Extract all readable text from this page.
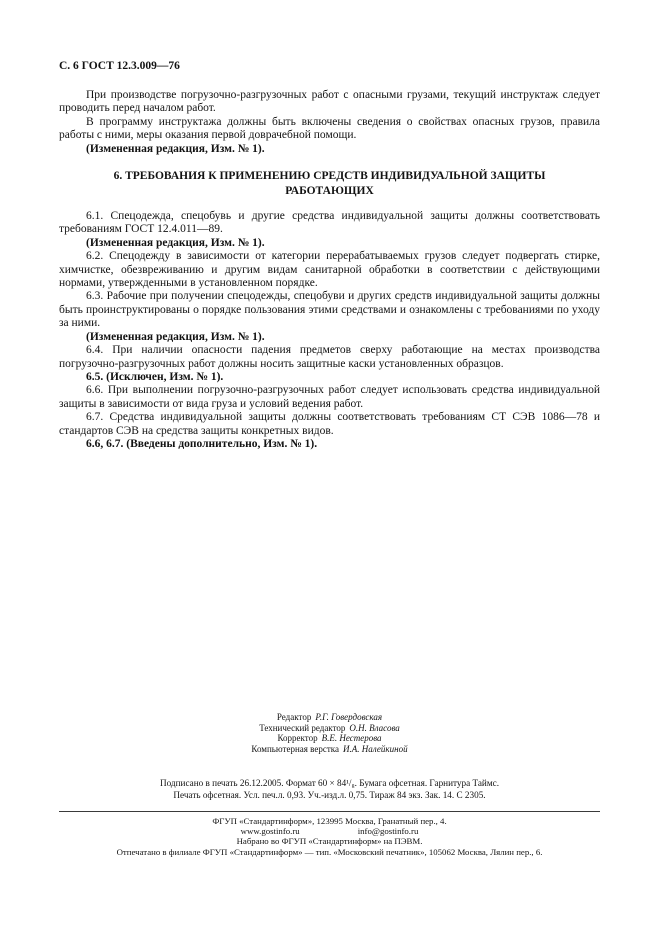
С. 6 ГОСТ 12.3.009—76

При производстве погрузочно-разгрузочных работ с опасными грузами, текущий инструктаж следует проводить перед началом работ.

В программу инструктажа должны быть включены сведения о свойствах опасных грузов, правила работы с ними, меры оказания первой доврачебной помощи.

(Измененная редакция, Изм. № 1).

6. ТРЕБОВАНИЯ К ПРИМЕНЕНИЮ СРЕДСТВ ИНДИВИДУАЛЬНОЙ ЗАЩИТЫ РАБОТАЮЩИХ

6.1. Спецодежда, спецобувь и другие средства индивидуальной защиты должны соответствовать требованиям ГОСТ 12.4.011—89.

(Измененная редакция, Изм. № 1).

6.2. Спецодежду в зависимости от категории перерабатываемых грузов следует подвергать стирке, химчистке, обезвреживанию и другим видам санитарной обработки в соответствии с действующими нормами, утвержденными в установленном порядке.

6.3. Рабочие при получении спецодежды, спецобуви и других средств индивидуальной защиты должны быть проинструктированы о порядке пользования этими средствами и ознакомлены с требованиями по уходу за ними.

(Измененная редакция, Изм. № 1).

6.4. При наличии опасности падения предметов сверху работающие на местах производства погрузочно-разгрузочных работ должны носить защитные каски установленных образцов.

6.5. (Исключен, Изм. № 1).

6.6. При выполнении погрузочно-разгрузочных работ следует использовать средства индивидуальной защиты в зависимости от вида груза и условий ведения работ.

6.7. Средства индивидуальной защиты должны соответствовать требованиям СТ СЭВ 1086—78 и стандартов СЭВ на средства защиты конкретных видов.

6.6, 6.7. (Введены дополнительно, Изм. № 1).

Редактор Р.Г. Говердовская
Технический редактор О.Н. Власова
Корректор В.Е. Нестерова
Компьютерная верстка И.А. Налейкиной
Подписано в печать 26.12.2005. Формат 60 × 84¹/₈. Бумага офсетная. Гарнитура Таймс.
Печать офсетная. Усл. печ.л. 0,93. Уч.-изд.л. 0,75. Тираж 84 экз. Зак. 14. С 2305.
ФГУП «Стандартинформ», 123995 Москва, Гранатный пер., 4.
www.gostinfo.ru	info@gostinfo.ru
Набрано во ФГУП «Стандартинформ» на ПЭВМ.
Отпечатано в филиале ФГУП «Стандартинформ» — тип. «Московский печатник», 105062 Москва, Лялин пер., 6.
